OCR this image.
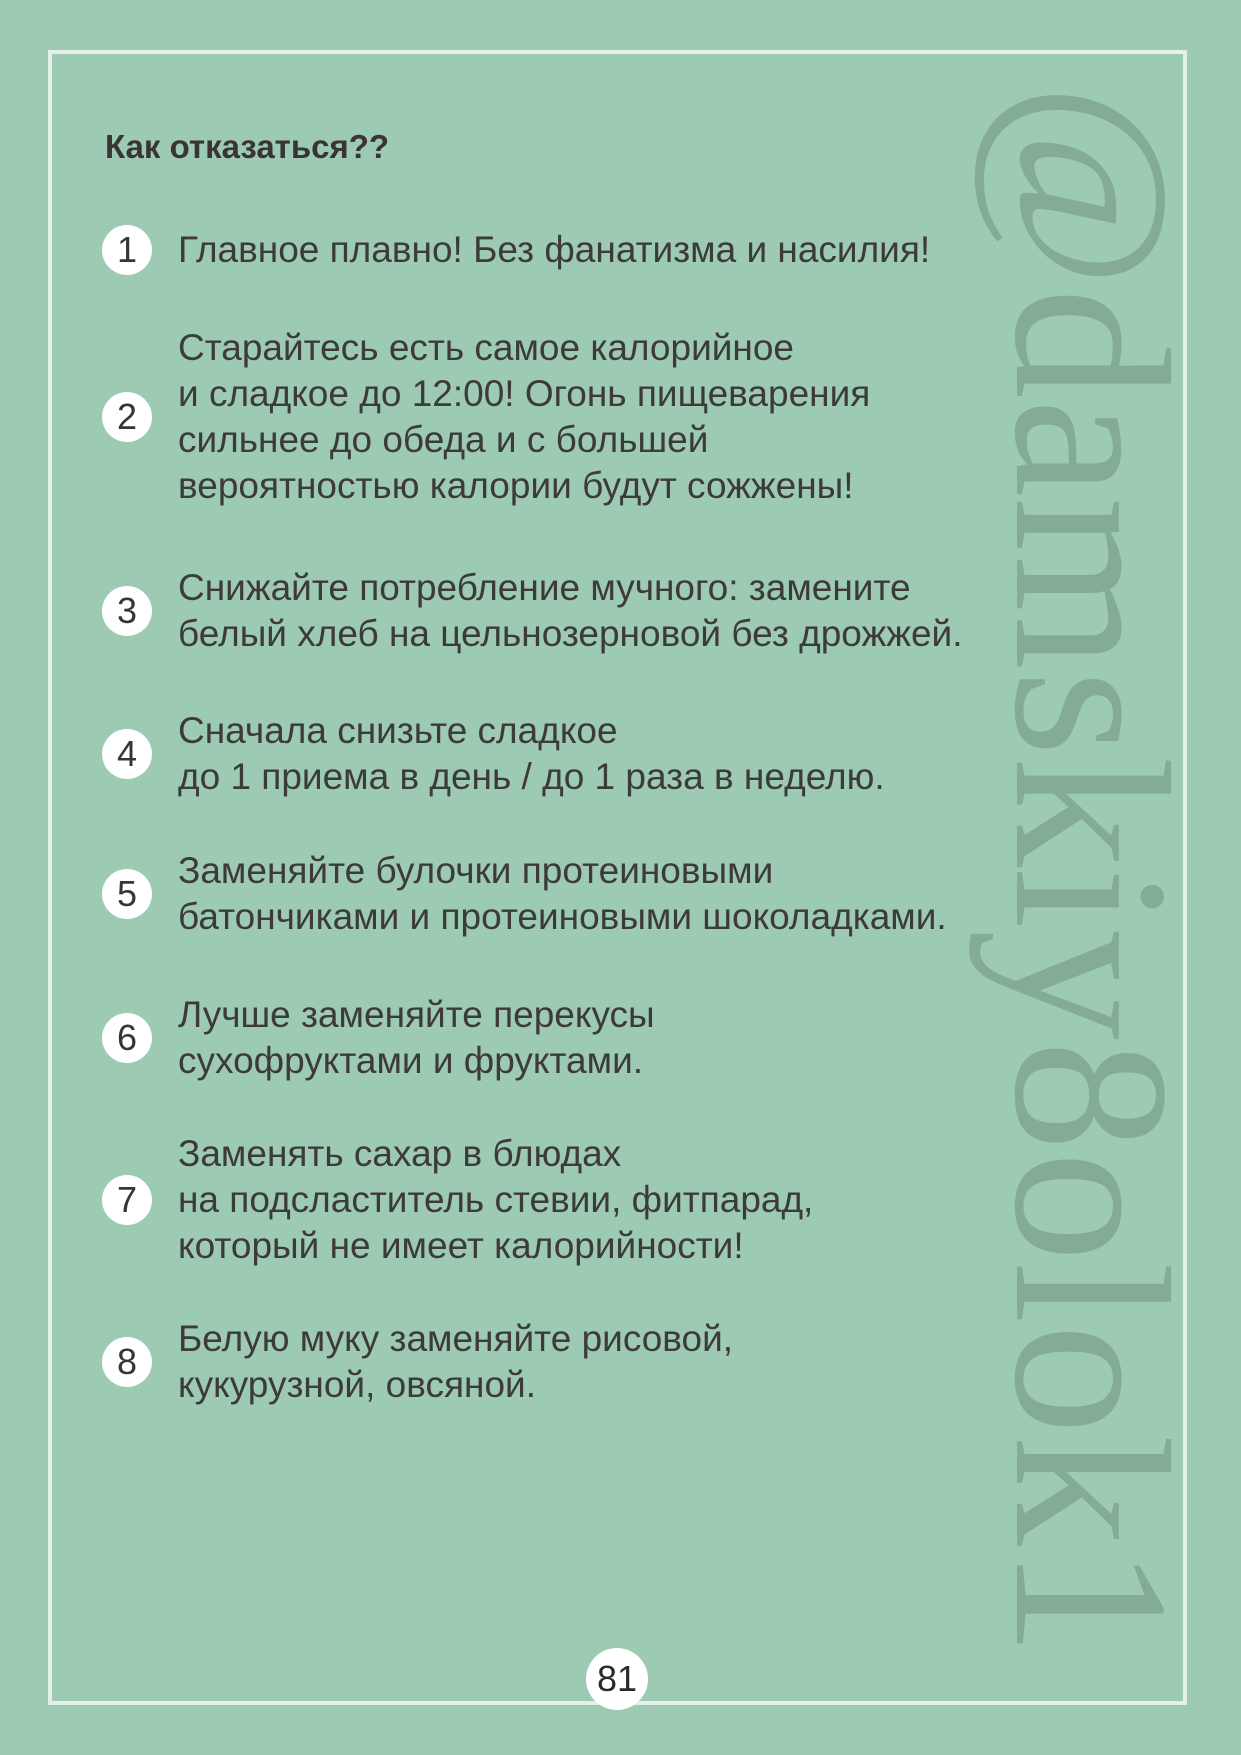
@damskiy8olok1
Как отказаться??
1	Главное плавно! Без фанатизма и насилия!
2
Старайтесь есть самое калорийное
и сладкое до 12:00! Огонь пищеварения
сильнее до обеда и с большей
вероятностью калории будут сожжены!
3
Снижайте потребление мучного: замените
белый хлеб на цельнозерновой без дрожжей.
4
Сначала снизьте сладкое
до 1 приема в день / до 1 раза в неделю.
5
Заменяйте булочки протеиновыми
батончиками и протеиновыми шоколадками.
6
Лучше заменяйте перекусы
сухофруктами и фруктами.
7
Заменять сахар в блюдах
на подсластитель стевии, фитпарад,
который не имеет калорийности!
8
Белую муку заменяйте рисовой,
кукурузной, овсяной.
81
